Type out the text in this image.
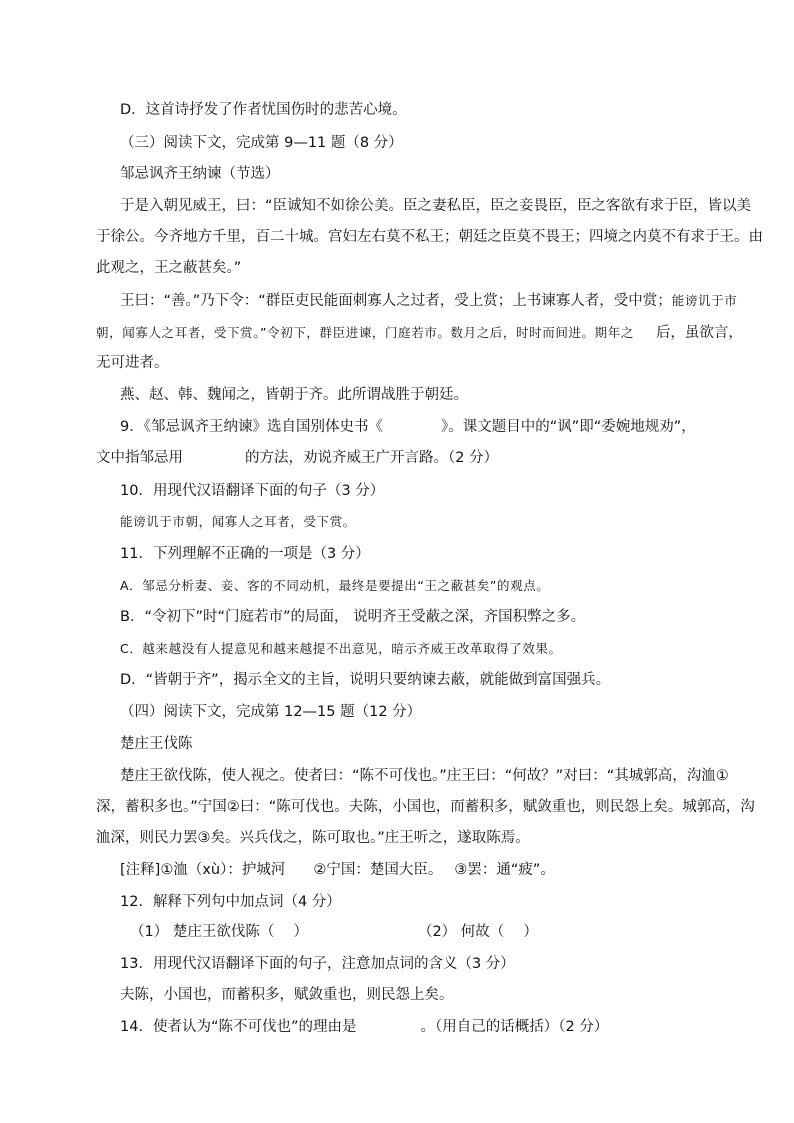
D．这首诗抒发了作者忧国伤时的悲苦心境。
（三）阅读下文，完成第 9—11 题（8 分）
邹忌讽齐王纳谏（节选）
于是入朝见威王，曰：“臣诚知不如徐公美。臣之妻私臣，臣之妾畏臣，臣之客欲有求于臣，皆以美
于徐公。今齐地方千里，百二十城。宫妇左右莫不私王；朝廷之臣莫不畏王；四境之内莫不有求于王。由
此观之，王之蔽甚矣。”
王曰：“善。”乃下令：“群臣吏民能面刺寡人之过者，受上赏；上书谏寡人者，受中赏；能谤讥于市
朝，闻寡人之耳者，受下赏。”令初下，群臣进谏，门庭若市。数月之后，时时而间进。期年之 后，虽欲言，
无可进者。
燕、赵、韩、魏闻之，皆朝于齐。此所谓战胜于朝廷。
9．《邹忌讽齐王纳谏》选自国别体史书《	》。课文题目中的“讽”即“委婉地规劝”，
文中指邹忌用	的方法，劝说齐威王广开言路。（2 分）
10．用现代汉语翻译下面的句子（3 分）
能谤讥于市朝，闻寡人之耳者，受下赏。
11．下列理解不正确的一项是（3 分）
A．邹忌分析妻、妾、客的不同动机，最终是要提出“王之蔽甚矣”的观点。
B．“令初下”时“门庭若市”的局面， 说明齐王受蔽之深，齐国积弊之多。
C．越来越没有人提意见和越来越提不出意见，暗示齐威王改革取得了效果。
D．“皆朝于齐”，揭示全文的主旨，说明只要纳谏去蔽，就能做到富国强兵。
（四）阅读下文，完成第 12—15 题（12 分）
楚庄王伐陈
楚庄王欲伐陈，使人视之。使者曰：“陈不可伐也。”庄王曰：“何故？”对曰：“其城郭高，沟洫①
深，蓄积多也。”宁国②曰：“陈可伐也。夫陈，小国也，而蓄积多，赋敛重也，则民怨上矣。城郭高，沟
洫深，则民力罢③矣。兴兵伐之，陈可取也。”庄王听之，遂取陈焉。
[注释]①洫（xù）：护城河 ②宁国：楚国大臣。 ③罢：通“疲”。
12．解释下列句中加点词（4 分）
（1） 楚庄王欲伐陈（　 ）	（2） 何故（　 ）
13．用现代汉语翻译下面的句子，注意加点词的含义（3 分）
夫陈，小国也，而蓄积多，赋敛重也，则民怨上矣。
14．使者认为“陈不可伐也”的理由是	。（用自己的话概括）（2 分）
